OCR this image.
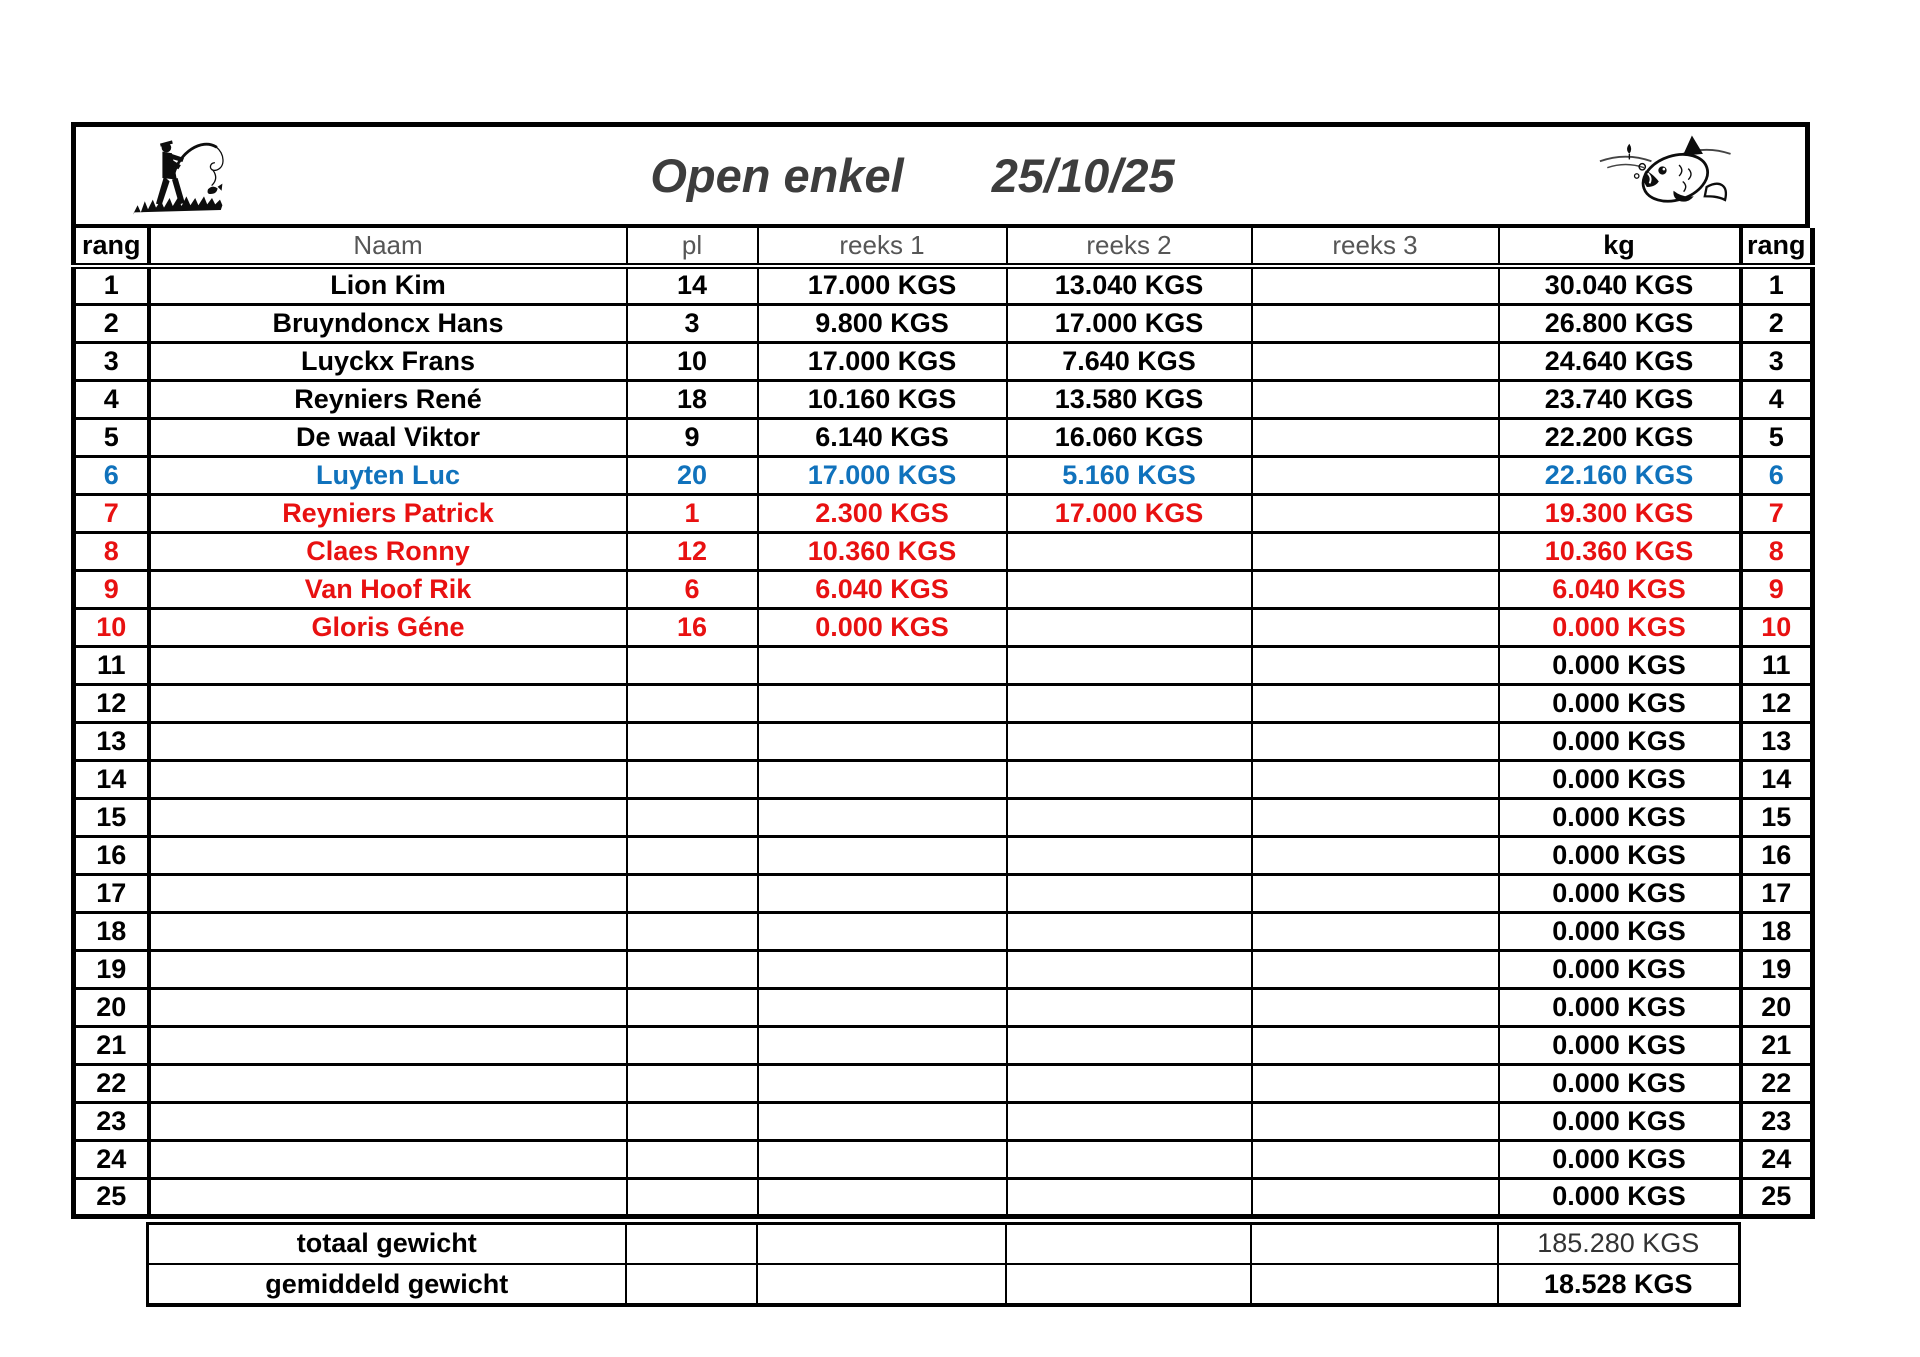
Open enkel 25/10/25
rang	Naam	pl	reeks 1	reeks 2	reeks 3	kg	rang
1	Lion Kim	14	17.000 KGS	13.040 KGS		30.040 KGS	1
2	Bruyndoncx Hans	3	9.800 KGS	17.000 KGS		26.800 KGS	2
3	Luyckx Frans	10	17.000 KGS	7.640 KGS		24.640 KGS	3
4	Reyniers René	18	10.160 KGS	13.580 KGS		23.740 KGS	4
5	De waal Viktor	9	6.140 KGS	16.060 KGS		22.200 KGS	5
6	Luyten Luc	20	17.000 KGS	5.160 KGS		22.160 KGS	6
7	Reyniers Patrick	1	2.300 KGS	17.000 KGS		19.300 KGS	7
8	Claes Ronny	12	10.360 KGS			10.360 KGS	8
9	Van Hoof Rik	6	6.040 KGS			6.040 KGS	9
10	Gloris Géne	16	0.000 KGS			0.000 KGS	10
11						0.000 KGS	11
12						0.000 KGS	12
13						0.000 KGS	13
14						0.000 KGS	14
15						0.000 KGS	15
16						0.000 KGS	16
17						0.000 KGS	17
18						0.000 KGS	18
19						0.000 KGS	19
20						0.000 KGS	20
21						0.000 KGS	21
22						0.000 KGS	22
23						0.000 KGS	23
24						0.000 KGS	24
25						0.000 KGS	25
totaal gewicht					185.280 KGS
gemiddeld gewicht					18.528 KGS
